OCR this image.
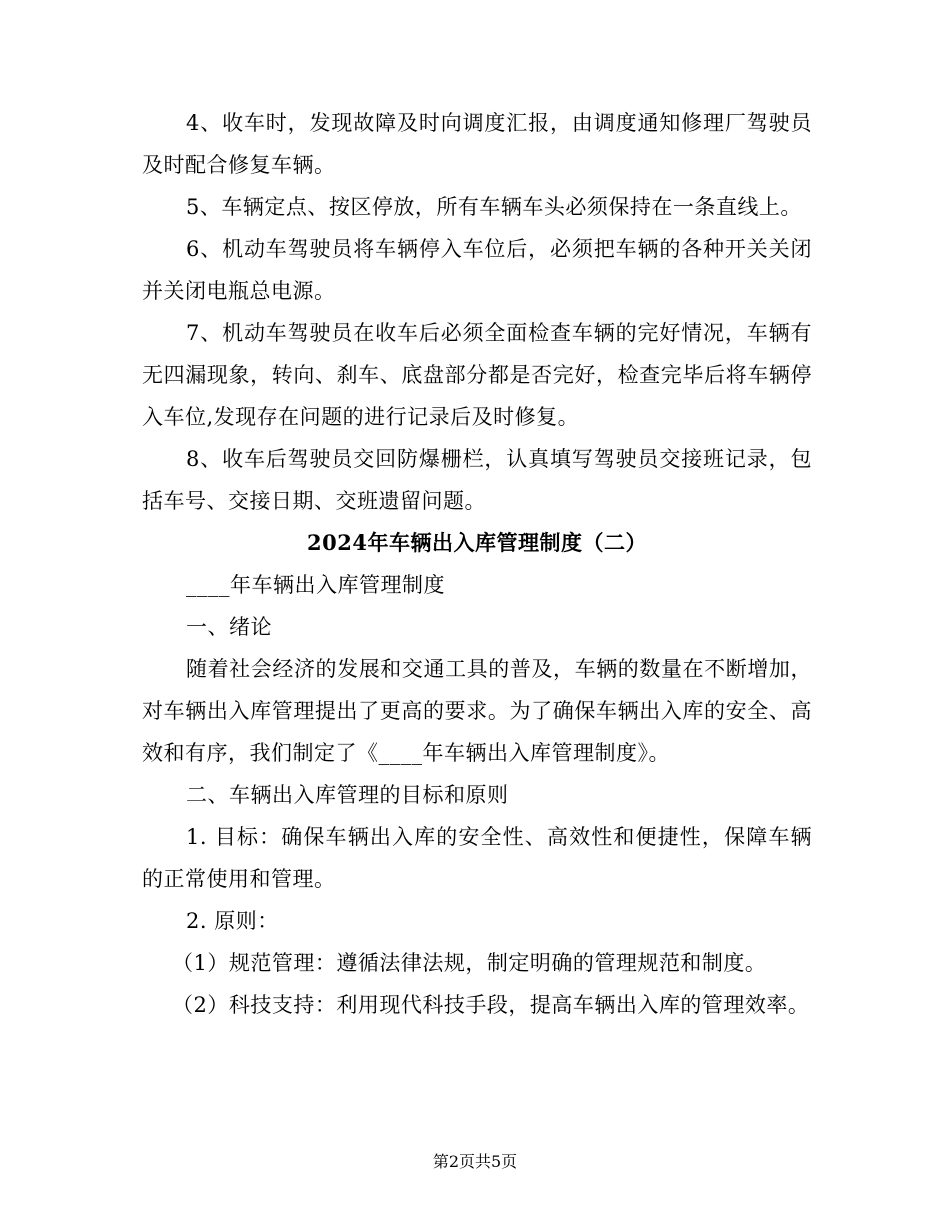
4、收车时，发现故障及时向调度汇报，由调度通知修理厂驾驶员及时配合修复车辆。

5、车辆定点、按区停放，所有车辆车头必须保持在一条直线上。

6、机动车驾驶员将车辆停入车位后，必须把车辆的各种开关关闭并关闭电瓶总电源。

7、机动车驾驶员在收车后必须全面检查车辆的完好情况，车辆有无四漏现象，转向、刹车、底盘部分都是否完好，检查完毕后将车辆停入车位,发现存在问题的进行记录后及时修复。

8、收车后驾驶员交回防爆栅栏，认真填写驾驶员交接班记录，包括车号、交接日期、交班遗留问题。

2024年车辆出入库管理制度（二）

____年车辆出入库管理制度

一、绪论

随着社会经济的发展和交通工具的普及，车辆的数量在不断增加，对车辆出入库管理提出了更高的要求。为了确保车辆出入库的安全、高效和有序，我们制定了《____年车辆出入库管理制度》。

二、车辆出入库管理的目标和原则

1. 目标：确保车辆出入库的安全性、高效性和便捷性，保障车辆的正常使用和管理。

2. 原则：

（1）规范管理：遵循法律法规，制定明确的管理规范和制度。

（2）科技支持：利用现代科技手段，提高车辆出入库的管理效率。

第2页共5页
